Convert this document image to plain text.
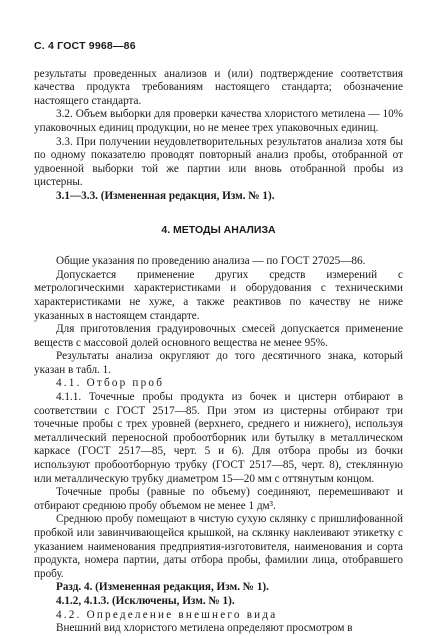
С. 4 ГОСТ 9968—86

результаты проведенных анализов и (или) подтверждение соответствия качества продукта требованиям настоящего стандарта; обозначение настоящего стандарта.

3.2. Объем выборки для проверки качества хлористого метилена — 10% упаковочных единиц продукции, но не менее трех упаковочных единиц.

3.3. При получении неудовлетворительных результатов анализа хотя бы по одному показателю проводят повторный анализ пробы, отобранной от удвоенной выборки той же партии или вновь отобранной пробы из цистерны.

3.1—3.3. (Измененная редакция, Изм. № 1).

4. МЕТОДЫ АНАЛИЗА

Общие указания по проведению анализа — по ГОСТ 27025—86.

Допускается применение других средств измерений с метрологическими характеристиками и оборудования с техническими характеристиками не хуже, а также реактивов по качеству не ниже указанных в настоящем стандарте.

Для приготовления градуировочных смесей допускается применение веществ с массовой долей основного вещества не менее 95%.

Результаты анализа округляют до того десятичного знака, который указан в табл. 1.

4.1. Отбор проб

4.1.1. Точечные пробы продукта из бочек и цистерн отбирают в соответствии с ГОСТ 2517—85. При этом из цистерны отбирают три точечные пробы с трех уровней (верхнего, среднего и нижнего), используя металлический переносной пробоотборник или бутылку в металлическом каркасе (ГОСТ 2517—85, черт. 5 и 6). Для отбора пробы из бочки используют пробоотборную трубку (ГОСТ 2517—85, черт. 8), стеклянную или металлическую трубку диаметром 15—20 мм с оттянутым концом.

Точечные пробы (равные по объему) соединяют, перемешивают и отбирают среднюю пробу объемом не менее 1 дм³.

Среднюю пробу помещают в чистую сухую склянку с пришлифованной пробкой или завинчивающейся крышкой, на склянку наклеивают этикетку с указанием наименования предприятия-изготовителя, наименования и сорта продукта, номера партии, даты отбора пробы, фамилии лица, отобравшего пробу.

Разд. 4. (Измененная редакция, Изм. № 1).

4.1.2, 4.1.3. (Исключены, Изм. № 1).

4.2. Определение внешнего вида

Внешний вид хлористого метилена определяют просмотром в
